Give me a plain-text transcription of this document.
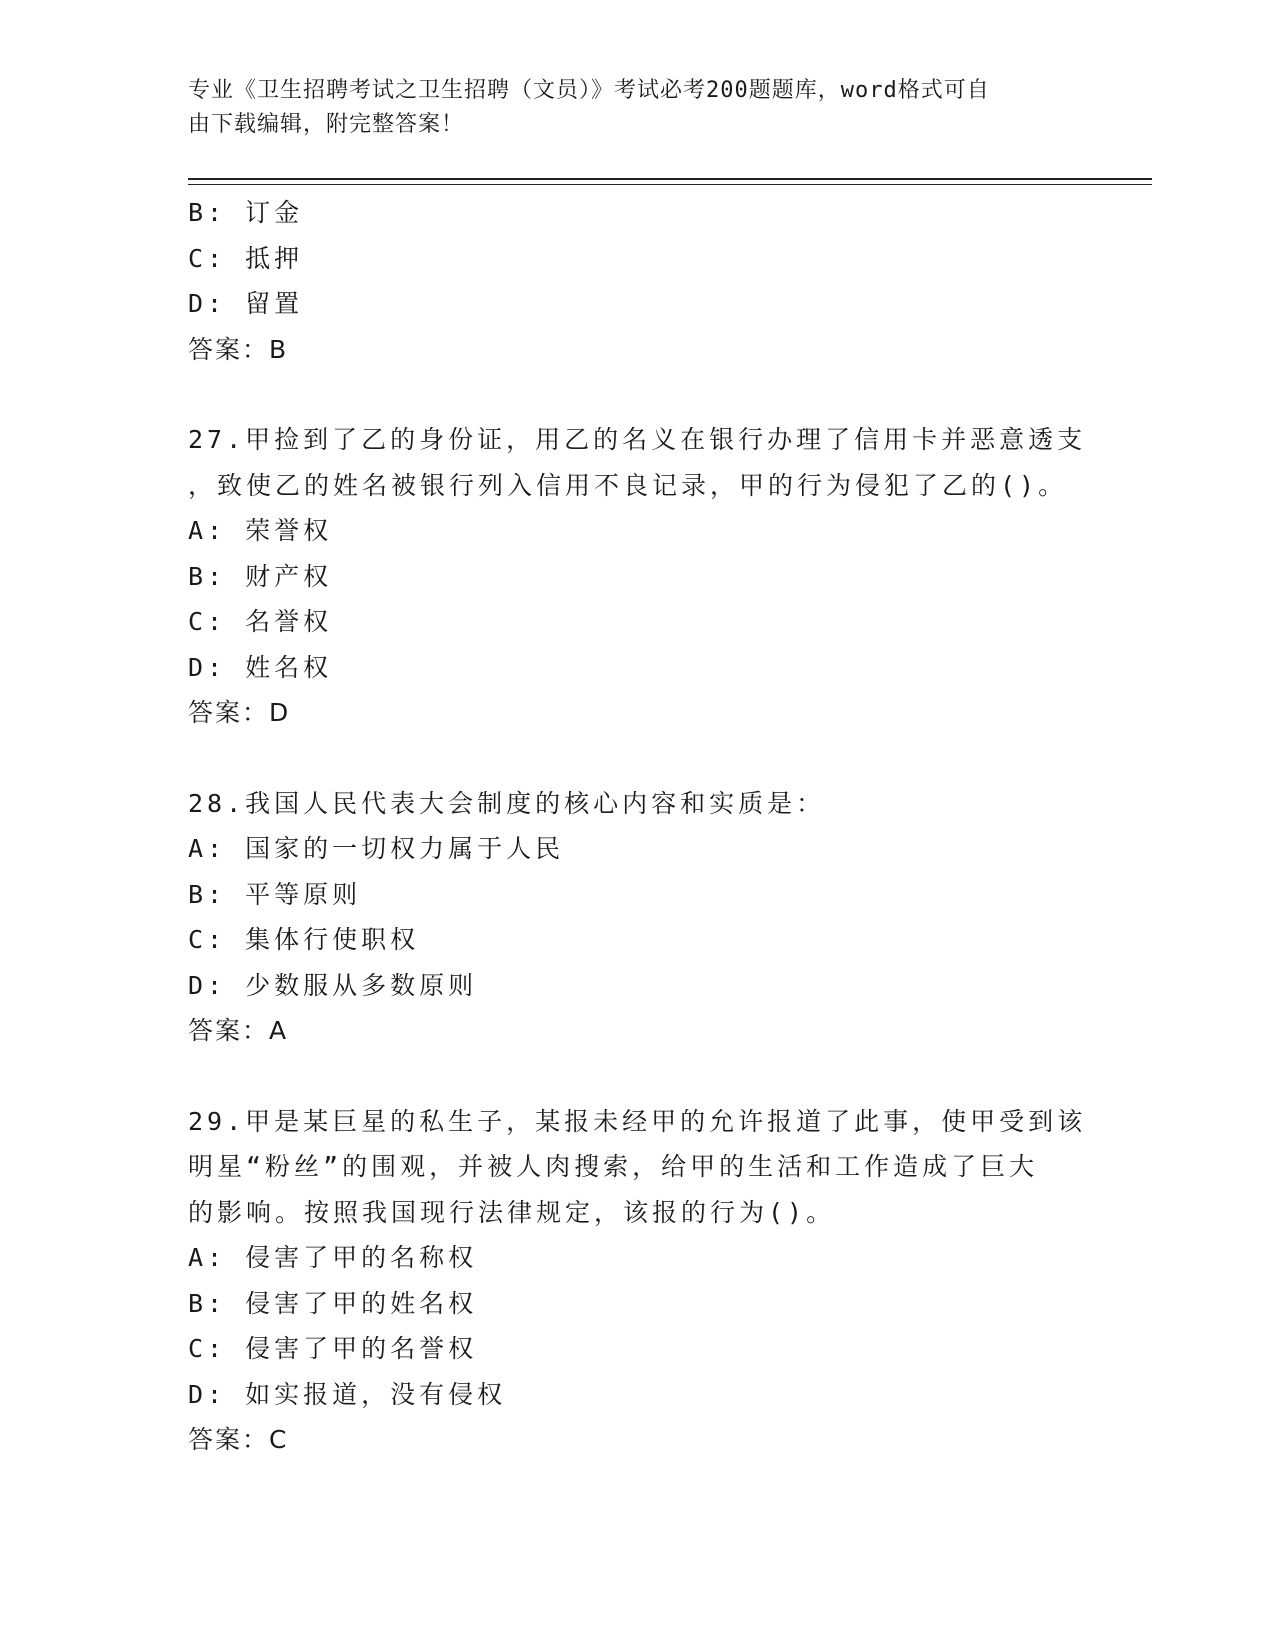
专业《卫生招聘考试之卫生招聘（文员）》考试必考200题题库，word格式可自
由下载编辑，附完整答案！
B: 订金
C: 抵押
D: 留置
答案：B
27.甲捡到了乙的身份证，用乙的名义在银行办理了信用卡并恶意透支
，致使乙的姓名被银行列入信用不良记录，甲的行为侵犯了乙的()。
A: 荣誉权
B: 财产权
C: 名誉权
D: 姓名权
答案：D
28.我国人民代表大会制度的核心内容和实质是：
A: 国家的一切权力属于人民
B: 平等原则
C: 集体行使职权
D: 少数服从多数原则
答案：A
29.甲是某巨星的私生子，某报未经甲的允许报道了此事，使甲受到该
明星“粉丝”的围观，并被人肉搜索，给甲的生活和工作造成了巨大
的影响。按照我国现行法律规定，该报的行为()。
A: 侵害了甲的名称权
B: 侵害了甲的姓名权
C: 侵害了甲的名誉权
D: 如实报道，没有侵权
答案：C
